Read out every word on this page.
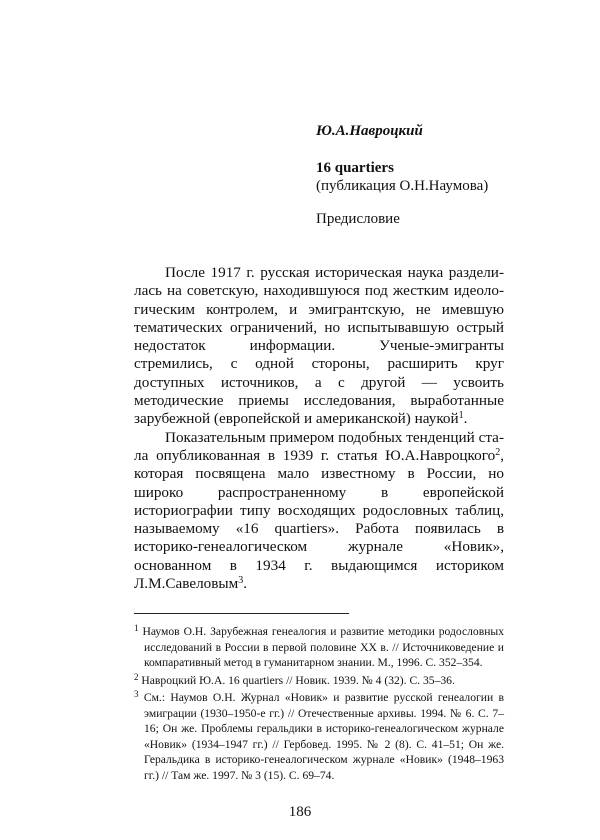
Ю.А.Навроцкий
16 quartiers
(публикация О.Н.Наумова)
Предисловие

После 1917 г. русская историческая наука разделилась на советскую, находившуюся под жестким идеологическим контролем, и эмигрантскую, не имевшую тематических ограничений, но испытывавшую острый недостаток информации. Ученые-эмигранты стремились, с одной стороны, расширить круг доступных источников, а с другой — усвоить методические приемы исследования, выработанные зарубежной (европейской и американской) наукой$^1$.

Показательным примером подобных тенденций стала опубликованная в 1939 г. статья Ю.А.Навроцкого$^2$, которая посвящена мало известному в России, но широко распространенному в европейской историографии типу восходящих родословных таблиц, называемому «16 quartiers». Работа появилась в историко-генеалогическом журнале «Новик», основанном в 1934 г. выдающимся историком Л.М.Савеловым$^3$.

$^1$ Наумов О.Н. Зарубежная генеалогия и развитие методики родословных исследований в России в первой половине XX в. // Источниковедение и компаративный метод в гуманитарном знании. М., 1996. С. 352–354.

$^2$ Навроцкий Ю.А. 16 quartiers // Новик. 1939. № 4 (32). С. 35–36.

$^3$ См.: Наумов О.Н. Журнал «Новик» и развитие русской генеалогии в эмиграции (1930–1950-е гг.) // Отечественные архивы. 1994. № 6. С. 7–16; Он же. Проблемы геральдики в историко-генеалогическом журнале «Новик» (1934–1947 гг.) // Гербовед. 1995. № 2 (8). С. 41–51; Он же. Геральдика в историко-генеалогическом журнале «Новик» (1948–1963 гг.) // Там же. 1997. № 3 (15). С. 69–74.

186
